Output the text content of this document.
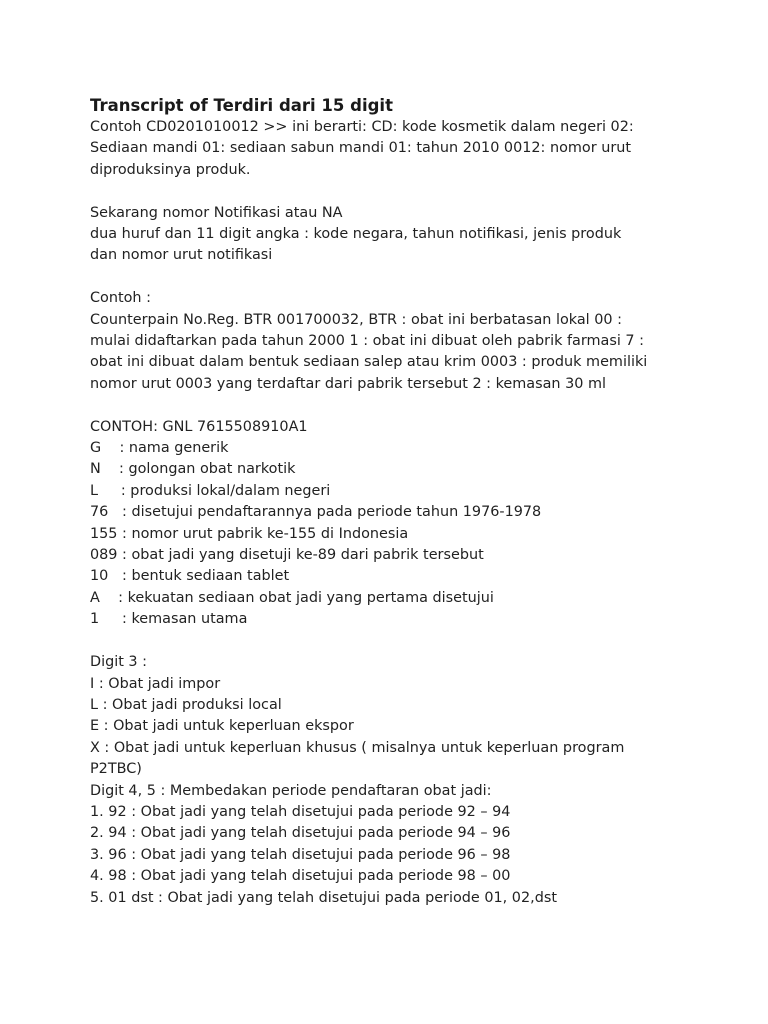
Transcript of Terdiri dari 15 digit
Contoh CD0201010012 >> ini berarti: CD: kode kosmetik dalam negeri 02:
Sediaan mandi 01: sediaan sabun mandi 01: tahun 2010 0012: nomor urut
diproduksinya produk.
Sekarang nomor Notifikasi atau NA
dua huruf dan 11 digit angka : kode negara, tahun notifikasi, jenis produk
dan nomor urut notifikasi
Contoh :
Counterpain No.Reg. BTR 001700032, BTR : obat ini berbatasan lokal 00 :
mulai didaftarkan pada tahun 2000 1 : obat ini dibuat oleh pabrik farmasi 7 :
obat ini dibuat dalam bentuk sediaan salep atau krim 0003 : produk memiliki
nomor urut 0003 yang terdaftar dari pabrik tersebut 2 : kemasan 30 ml
CONTOH: GNL 7615508910A1
G    : nama generik
N    : golongan obat narkotik
L     : produksi lokal/dalam negeri
76   : disetujui pendaftarannya pada periode tahun 1976-1978
155 : nomor urut pabrik ke-155 di Indonesia
089 : obat jadi yang disetuji ke-89 dari pabrik tersebut
10   : bentuk sediaan tablet
A    : kekuatan sediaan obat jadi yang pertama disetujui
1     : kemasan utama
Digit 3 :
I : Obat jadi impor
L : Obat jadi produksi local
E : Obat jadi untuk keperluan ekspor
X : Obat jadi untuk keperluan khusus ( misalnya untuk keperluan program
P2TBC)
Digit 4, 5 : Membedakan periode pendaftaran obat jadi:
1. 92 : Obat jadi yang telah disetujui pada periode 92 – 94
2. 94 : Obat jadi yang telah disetujui pada periode 94 – 96
3. 96 : Obat jadi yang telah disetujui pada periode 96 – 98
4. 98 : Obat jadi yang telah disetujui pada periode 98 – 00
5. 01 dst : Obat jadi yang telah disetujui pada periode 01, 02,dst
